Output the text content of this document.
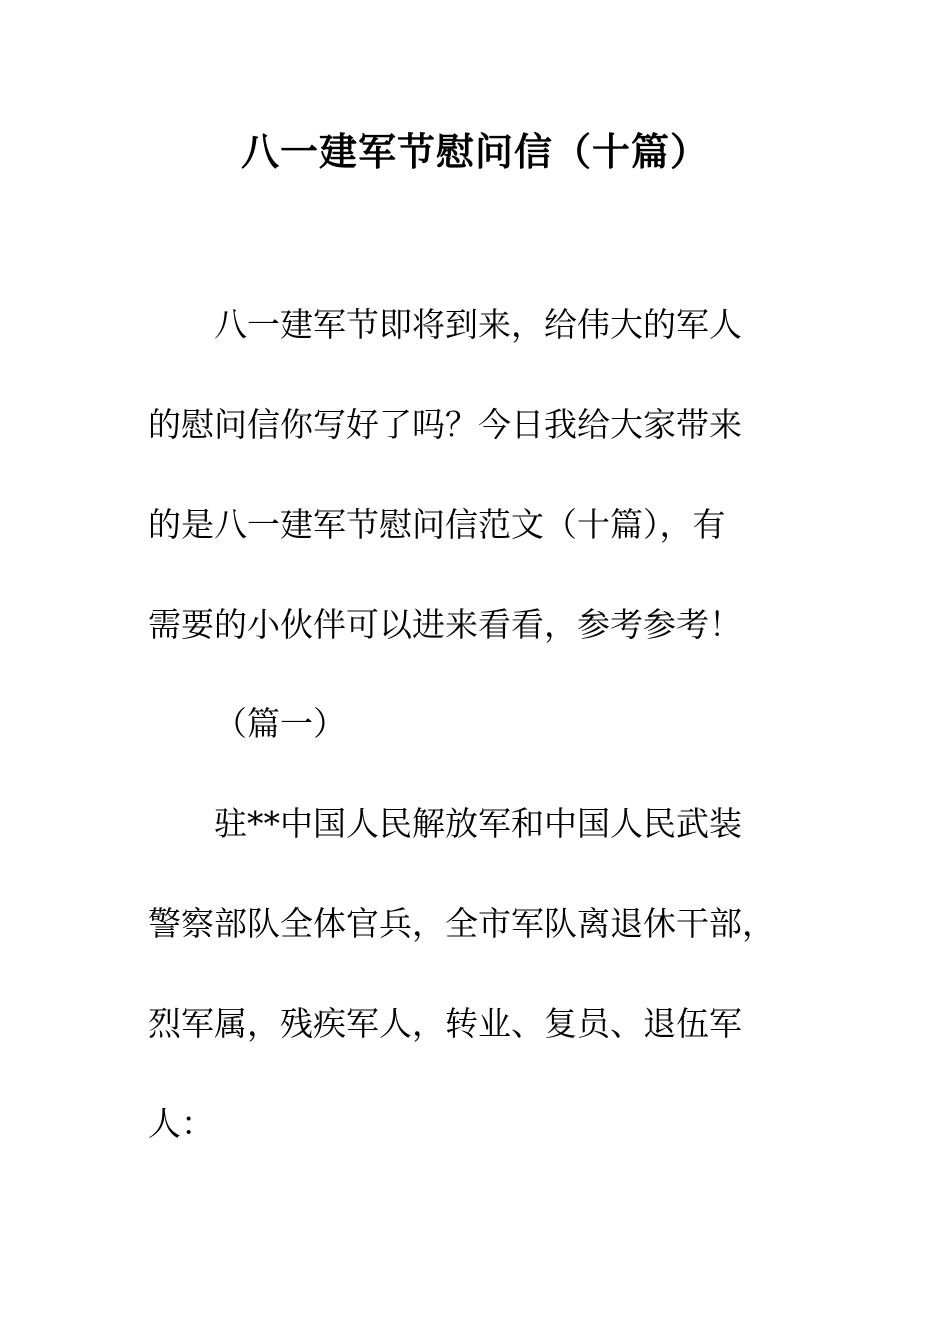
八一建军节慰问信（十篇）
八一建军节即将到来，给伟大的军人
的慰问信你写好了吗？今日我给大家带来
的是八一建军节慰问信范文（十篇），有
需要的小伙伴可以进来看看，参考参考！
（篇一）
驻**中国人民解放军和中国人民武装
警察部队全体官兵，全市军队离退休干部，
烈军属，残疾军人，转业、复员、退伍军
人：
